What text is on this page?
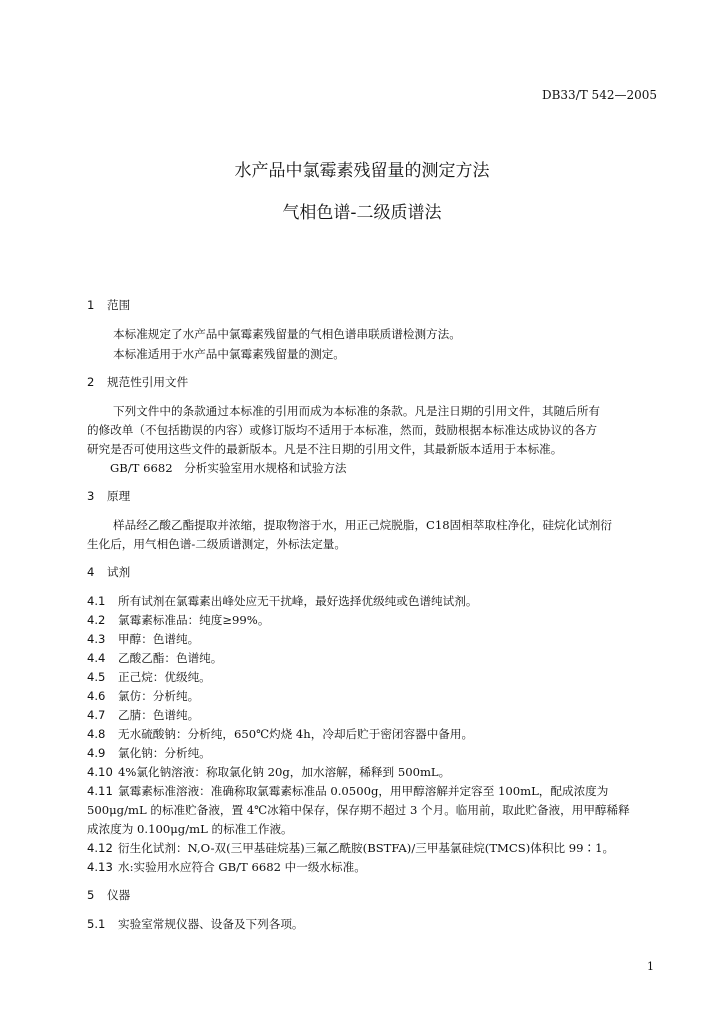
DB33/T 542—2005
水产品中氯霉素残留量的测定方法
气相色谱-二级质谱法
1 范围
本标准规定了水产品中氯霉素残留量的气相色谱串联质谱检测方法。
本标准适用于水产品中氯霉素残留量的测定。
2 规范性引用文件
下列文件中的条款通过本标准的引用而成为本标准的条款。凡是注日期的引用文件，其随后所有
的修改单（不包括勘误的内容）或修订版均不适用于本标准，然而，鼓励根据本标准达成协议的各方
研究是否可使用这些文件的最新版本。凡是不注日期的引用文件，其最新版本适用于本标准。
GB/T 6682　分析实验室用水规格和试验方法
3 原理
样品经乙酸乙酯提取并浓缩，提取物溶于水，用正己烷脱脂，C18固相萃取柱净化，硅烷化试剂衍
生化后，用气相色谱-二级质谱测定，外标法定量。
4 试剂
4.1 所有试剂在氯霉素出峰处应无干扰峰，最好选择优级纯或色谱纯试剂。
4.2 氯霉素标准品：纯度≥99%。
4.3 甲醇：色谱纯。
4.4 乙酸乙酯：色谱纯。
4.5 正己烷：优级纯。
4.6 氯仿：分析纯。
4.7 乙腈：色谱纯。
4.8 无水硫酸钠：分析纯，650℃灼烧 4h，冷却后贮于密闭容器中备用。
4.9 氯化钠：分析纯。
4.10 4%氯化钠溶液：称取氯化钠 20g，加水溶解，稀释到 500mL。
4.11 氯霉素标准溶液：准确称取氯霉素标准品 0.0500g，用甲醇溶解并定容至 100mL，配成浓度为
500μg/mL 的标准贮备液，置 4℃冰箱中保存，保存期不超过 3 个月。临用前，取此贮备液，用甲醇稀释
成浓度为 0.100μg/mL 的标准工作液。
4.12 衍生化试剂：N,O-双(三甲基硅烷基)三氟乙酰胺(BSTFA)/三甲基氯硅烷(TMCS)体积比 99∶1。
4.13 水:实验用水应符合 GB/T 6682 中一级水标准。
5 仪器
5.1 实验室常规仪器、设备及下列各项。
1
